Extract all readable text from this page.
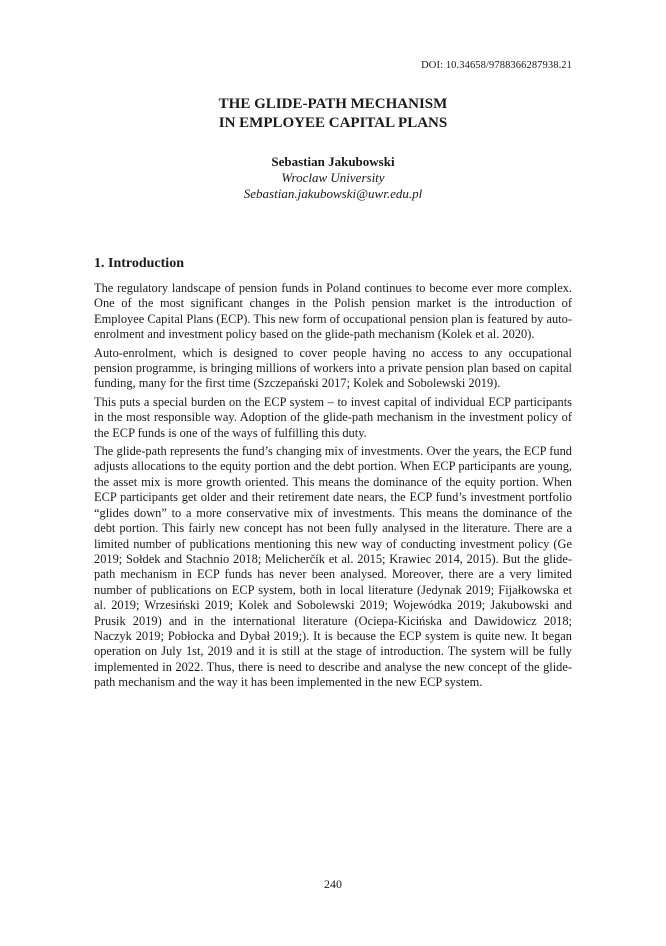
DOI: 10.34658/9788366287938.21
THE GLIDE-PATH MECHANISM
IN EMPLOYEE CAPITAL PLANS
Sebastian Jakubowski
Wroclaw University
Sebastian.jakubowski@uwr.edu.pl
1. Introduction

The regulatory landscape of pension funds in Poland continues to become ever more complex. One of the most significant changes in the Polish pension market is the introduction of Employee Capital Plans (ECP). This new form of occupational pension plan is featured by auto-enrolment and investment policy based on the glide-path mechanism (Kolek et al. 2020).

Auto-enrolment, which is designed to cover people having no access to any occupational pension programme, is bringing millions of workers into a private pension plan based on capital funding, many for the first time (Szczepański 2017; Kolek and Sobolewski 2019).

This puts a special burden on the ECP system – to invest capital of individual ECP participants in the most responsible way. Adoption of the glide-path mechanism in the investment policy of the ECP funds is one of the ways of fulfilling this duty.

The glide-path represents the fund’s changing mix of investments. Over the years, the ECP fund adjusts allocations to the equity portion and the debt portion. When ECP participants are young, the asset mix is more growth oriented. This means the dominance of the equity portion. When ECP participants get older and their retirement date nears, the ECP fund’s investment portfolio “glides down” to a more conservative mix of investments. This means the dominance of the debt portion. This fairly new concept has not been fully analysed in the literature. There are a limited number of publications mentioning this new way of conducting investment policy (Ge 2019; Sołdek and Stachnio 2018; Melicherčík et al. 2015; Krawiec 2014, 2015). But the glide-path mechanism in ECP funds has never been analysed. Moreover, there are a very limited number of publications on ECP system, both in local literature (Jedynak 2019; Fijałkowska et al. 2019; Wrzesiński 2019; Kolek and Sobolewski 2019; Wojewódka 2019; Jakubowski and Prusik 2019) and in the international literature (Ociepa-Kicińska and Dawidowicz 2018; Naczyk 2019; Pobłocka and Dybał 2019;). It is because the ECP system is quite new. It began operation on July 1st, 2019 and it is still at the stage of introduction. The system will be fully implemented in 2022. Thus, there is need to describe and analyse the new concept of the glide-path mechanism and the way it has been implemented in the new ECP system.

240
